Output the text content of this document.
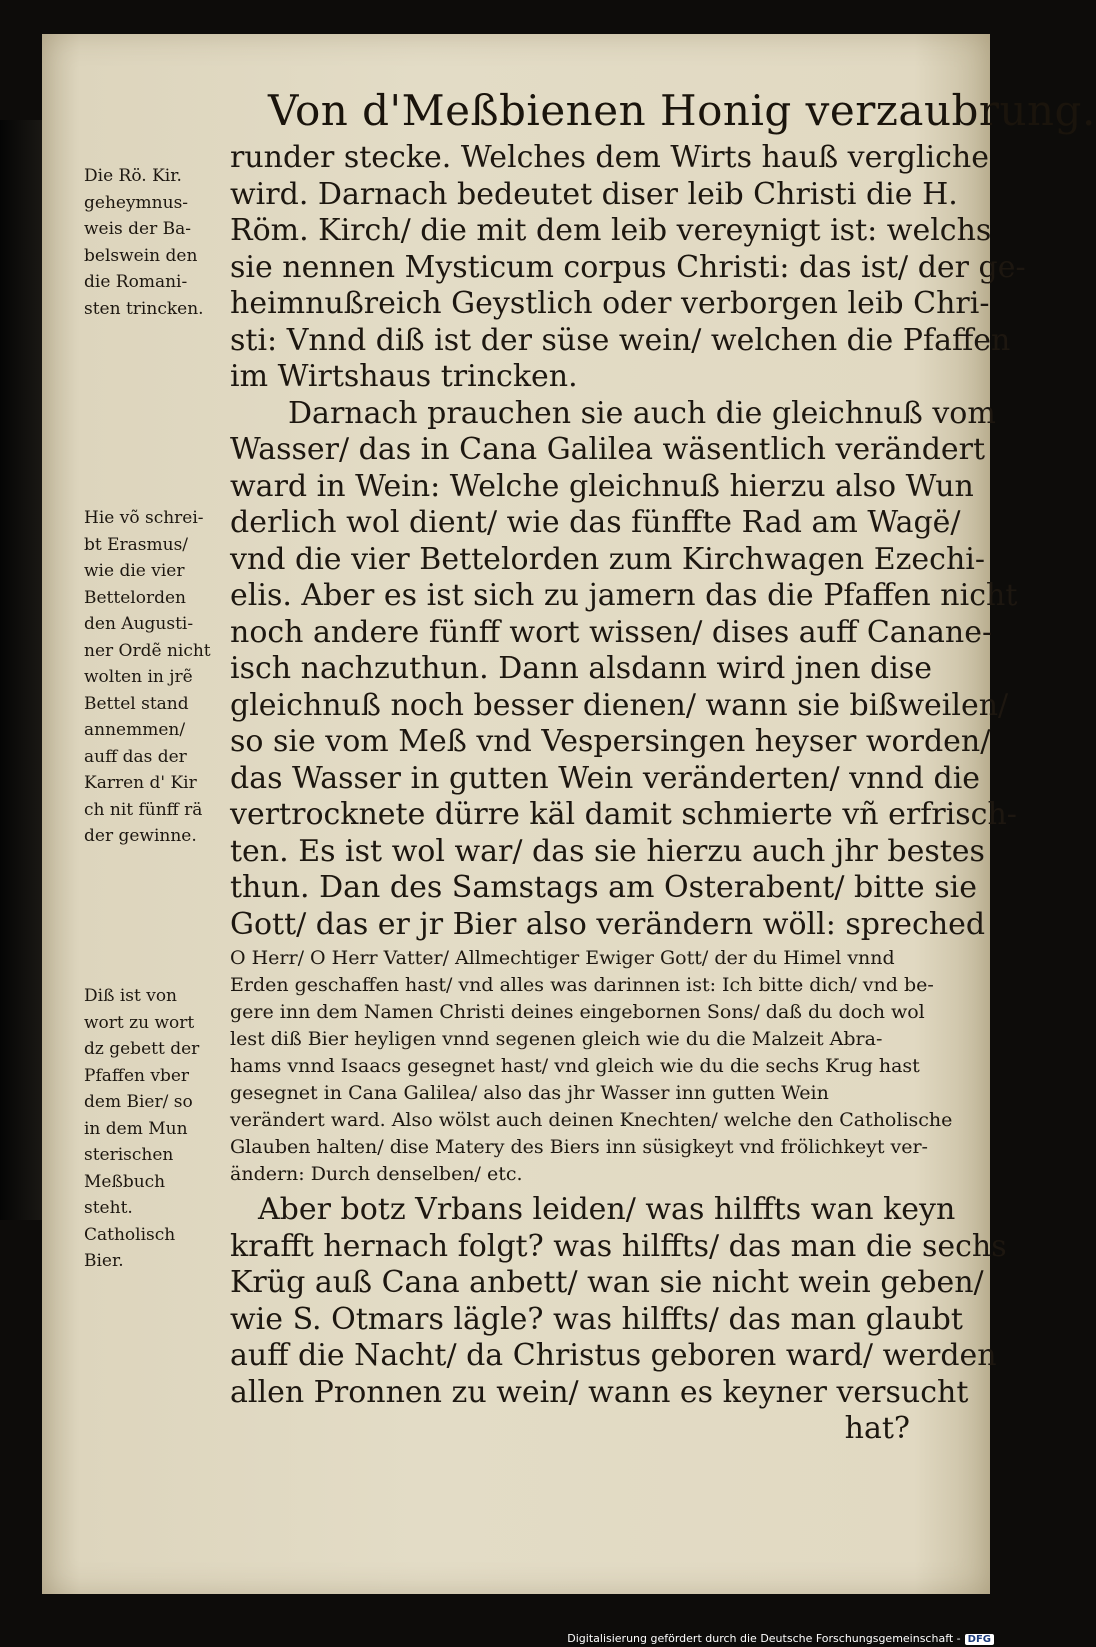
Von d'Meßbienen Honig verzaubrung.
runder stecke. Welches dem Wirts hauß vergliche
wird. Darnach bedeutet diser leib Christi die H.
Röm. Kirch/ die mit dem leib vereynigt ist: welchs
sie nennen Mysticum corpus Christi: das ist/ der ge-
heimnußreich Geystlich oder verborgen leib Chri-
sti: Vnnd diß ist der süse wein/ welchen die Pfaffen
im Wirtshaus trincken.
Darnach prauchen sie auch die gleichnuß vom
Wasser/ das in Cana Galilea wäsentlich verändert
ward in Wein: Welche gleichnuß hierzu also Wun
derlich wol dient/ wie das fünffte Rad am Wagë/
vnd die vier Bettelorden zum Kirchwagen Ezechi-
elis. Aber es ist sich zu jamern das die Pfaffen nicht
noch andere fünff wort wissen/ dises auff Canane-
isch nachzuthun. Dann alsdann wird jnen dise
gleichnuß noch besser dienen/ wann sie bißweilen/
so sie vom Meß vnd Vespersingen heyser worden/
das Wasser in gutten Wein veränderten/ vnnd die
vertrocknete dürre käl damit schmierte vñ erfrisch-
ten. Es ist wol war/ das sie hierzu auch jhr bestes
thun. Dan des Samstags am Osterabent/ bitte sie
Gott/ das er jr Bier also verändern wöll: spreched
O Herr/ O Herr Vatter/ Allmechtiger Ewiger Gott/ der du Himel vnnd
Erden geschaffen hast/ vnd alles was darinnen ist: Ich bitte dich/ vnd be-
gere inn dem Namen Christi deines eingebornen Sons/ daß du doch wol
lest diß Bier heyligen vnnd segenen gleich wie du die Malzeit Abra-
hams vnnd Isaacs gesegnet hast/ vnd gleich wie du die sechs Krug hast
gesegnet in Cana Galilea/ also das jhr Wasser inn gutten Wein
verändert ward. Also wölst auch deinen Knechten/ welche den Catholische
Glauben halten/ dise Matery des Biers inn süsigkeyt vnd frölichkeyt ver-
ändern: Durch denselben/ etc.
Aber botz Vrbans leiden/ was hilffts wan keyn
krafft hernach folgt? was hilffts/ das man die sechs
Krüg auß Cana anbett/ wan sie nicht wein geben/
wie S. Otmars lägle? was hilffts/ das man glaubt
auff die Nacht/ da Christus geboren ward/ werden
allen Pronnen zu wein/ wann es keyner versucht
hat?
Die Rö. Kir.
geheymnus-
weis der Ba-
belswein den
die Romani-
sten trincken.
Hie võ schrei-
bt Erasmus/
wie die vier
Bettelorden
den Augusti-
ner Ordẽ nicht
wolten in jrẽ
Bettel stand
annemmen/
auff das der
Karren d' Kir
ch nit fünff rä
der gewinne.
Diß ist von
wort zu wort
dz gebett der
Pfaffen vber
dem Bier/ so
in dem Mun
sterischen
Meßbuch
steht.
Catholisch
Bier.
Digitalisierung gefördert durch die Deutsche Forschungsgemeinschaft - DFG
